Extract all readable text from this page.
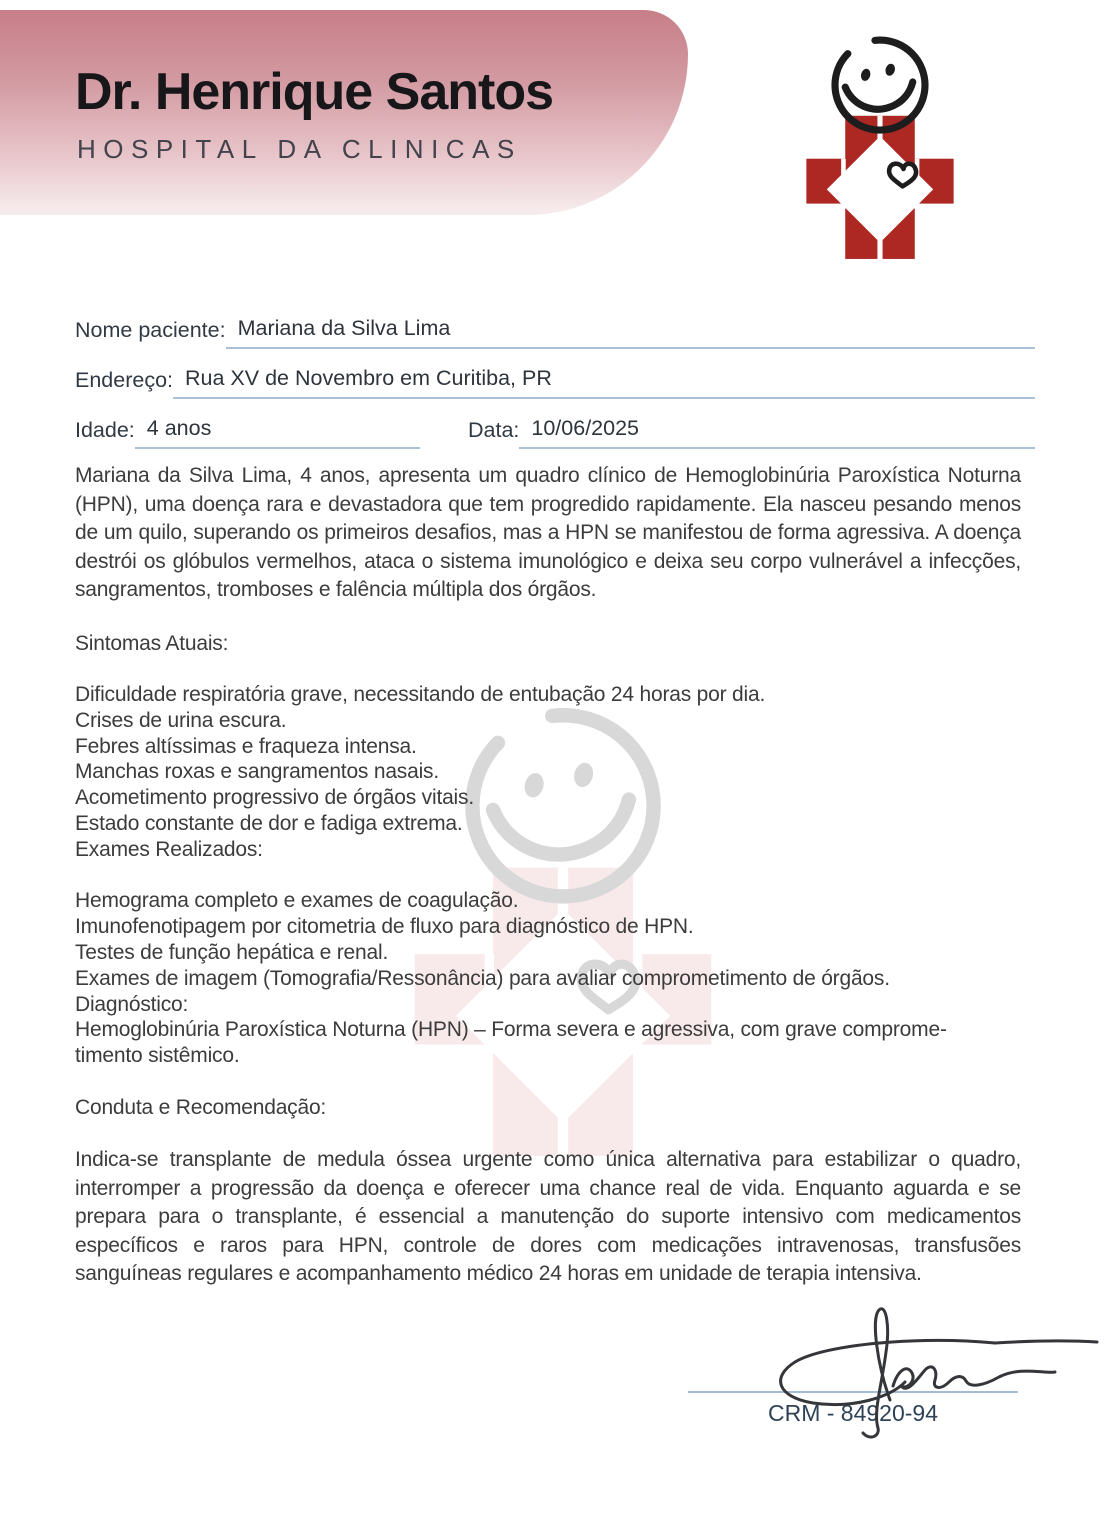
Dr. Henrique Santos
HOSPITAL DA CLINICAS
Nome paciente: Mariana da Silva Lima
Endereço: Rua XV de Novembro em Curitiba, PR
Idade: 4 anos	Data: 10/06/2025

Mariana da Silva Lima, 4 anos, apresenta um quadro clínico de Hemoglobinúria Paroxística Noturna (HPN), uma doença rara e devastadora que tem progredido rapidamente. Ela nasceu pesando menos de um quilo, superando os primeiros desafios, mas a HPN se manifestou de forma agressiva. A doença destrói os glóbulos vermelhos, ataca o sistema imunológico e deixa seu corpo vulnerável a infecções, sangramentos, tromboses e falência múltipla dos órgãos.

Sintomas Atuais:
Dificuldade respiratória grave, necessitando de entubação 24 horas por dia.
Crises de urina escura.
Febres altíssimas e fraqueza intensa.
Manchas roxas e sangramentos nasais.
Acometimento progressivo de órgãos vitais.
Estado constante de dor e fadiga extrema.
Exames Realizados:
Hemograma completo e exames de coagulação.
Imunofenotipagem por citometria de fluxo para diagnóstico de HPN.
Testes de função hepática e renal.
Exames de imagem (Tomografia/Ressonância) para avaliar comprometimento de órgãos.
Diagnóstico:
Hemoglobinúria Paroxística Noturna (HPN) – Forma severa e agressiva, com grave comprome-
timento sistêmico.
Conduta e Recomendação:

Indica-se transplante de medula óssea urgente como única alternativa para estabilizar o quadro, interromper a progressão da doença e oferecer uma chance real de vida. Enquanto aguarda e se prepara para o transplante, é essencial a manutenção do suporte intensivo com medicamentos específicos e raros para HPN, controle de dores com medicações intravenosas, transfusões sanguíneas regulares e acompanhamento médico 24 horas em unidade de terapia intensiva.

CRM - 84920-94
